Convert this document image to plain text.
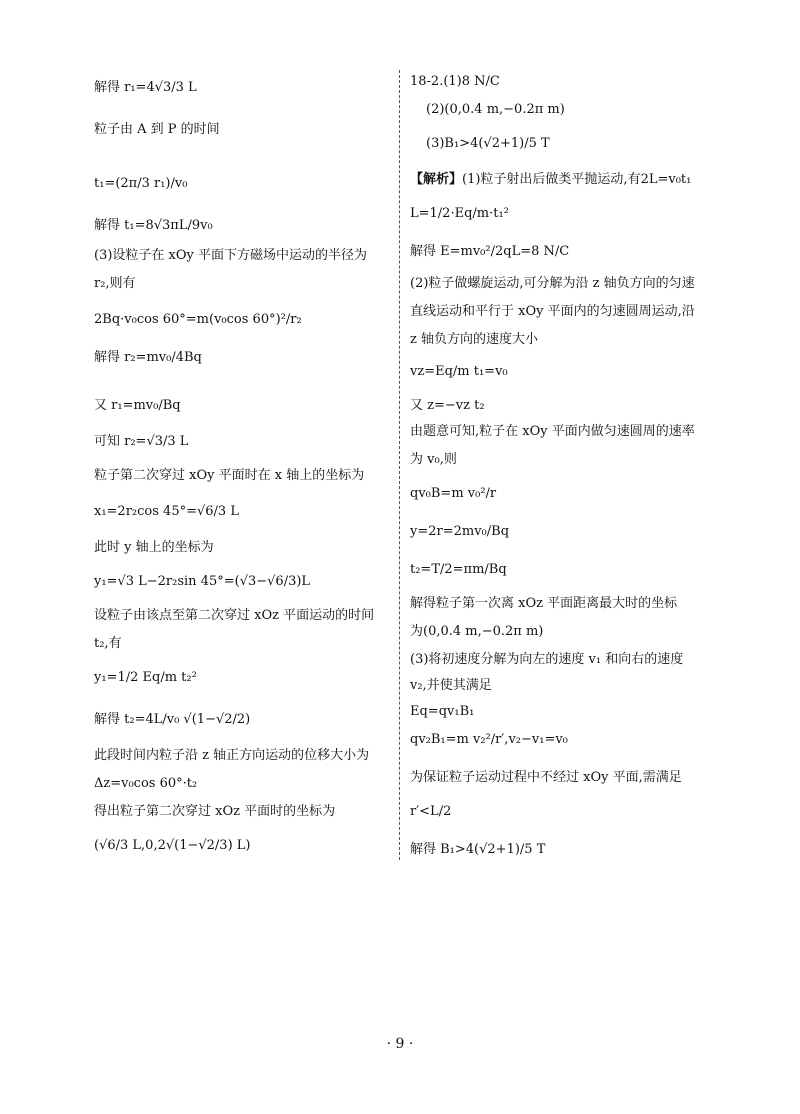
解得 r₁=4√3/3 L
粒子由 A 到 P 的时间
t₁=(2π/3 r₁)/v₀
解得 t₁=8√3πL/9v₀
(3)设粒子在 xOy 平面下方磁场中运动的半径为
r₂,则有
2Bq·v₀cos 60°=m(v₀cos 60°)²/r₂
解得 r₂=mv₀/4Bq
又 r₁=mv₀/Bq
可知 r₂=√3/3 L
粒子第二次穿过 xOy 平面时在 x 轴上的坐标为
x₁=2r₂cos 45°=√6/3 L
此时 y 轴上的坐标为
y₁=√3 L−2r₂sin 45°=(√3−√6/3)L
设粒子由该点至第二次穿过 xOz 平面运动的时间
t₂,有
y₁=1/2 Eq/m t₂²
解得 t₂=4L/v₀ √(1−√2/2)
此段时间内粒子沿 z 轴正方向运动的位移大小为
Δz=v₀cos 60°·t₂
得出粒子第二次穿过 xOz 平面时的坐标为
(√6/3 L,0,2√(1−√2/3) L)
18-2.(1)8 N/C
(2)(0,0.4 m,−0.2π m)
(3)B₁>4(√2+1)/5 T
【解析】(1)粒子射出后做类平抛运动,有2L=v₀t₁
L=1/2·Eq/m·t₁²
解得 E=mv₀²/2qL=8 N/C
(2)粒子做螺旋运动,可分解为沿 z 轴负方向的匀速
直线运动和平行于 xOy 平面内的匀速圆周运动,沿
z 轴负方向的速度大小
vz=Eq/m t₁=v₀
又 z=−vz t₂
由题意可知,粒子在 xOy 平面内做匀速圆周的速率
为 v₀,则
qv₀B=m v₀²/r
y=2r=2mv₀/Bq
t₂=T/2=πm/Bq
解得粒子第一次离 xOz 平面距离最大时的坐标
为(0,0.4 m,−0.2π m)
(3)将初速度分解为向左的速度 v₁ 和向右的速度
v₂,并使其满足
Eq=qv₁B₁
qv₂B₁=m v₂²/r′,v₂−v₁=v₀
为保证粒子运动过程中不经过 xOy 平面,需满足
r′<L/2
解得 B₁>4(√2+1)/5 T
· 9 ·
